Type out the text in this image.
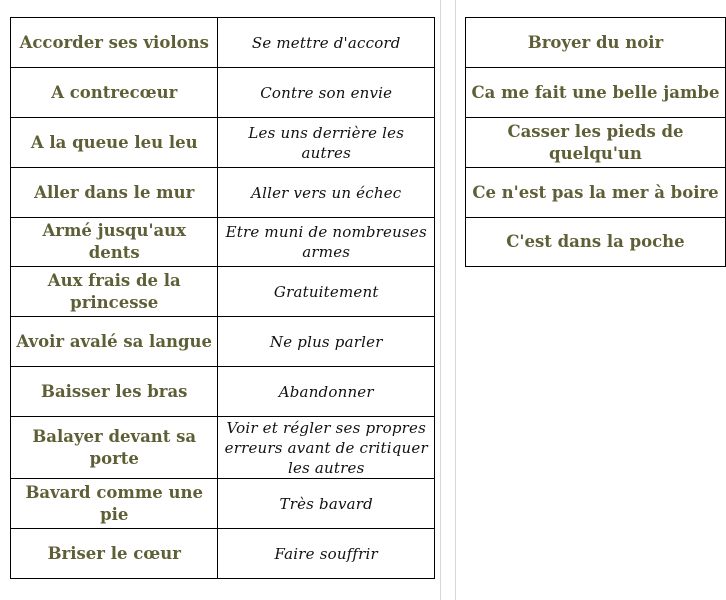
Accorder ses violons	Se mettre d'accord
A contrecœur	Contre son envie
A la queue leu leu	Les uns derrière les autres
Aller dans le mur	Aller vers un échec
Armé jusqu'aux dents	Etre muni de nombreuses armes
Aux frais de la princesse	Gratuitement
Avoir avalé sa langue	Ne plus parler
Baisser les bras	Abandonner
Balayer devant sa porte	Voir et régler ses propres erreurs avant de critiquer les autres
Bavard comme une pie	Très bavard
Briser le cœur	Faire souffrir
Broyer du noir
Ca me fait une belle jambe
Casser les pieds de quelqu'un
Ce n'est pas la mer à boire
C'est dans la poche
